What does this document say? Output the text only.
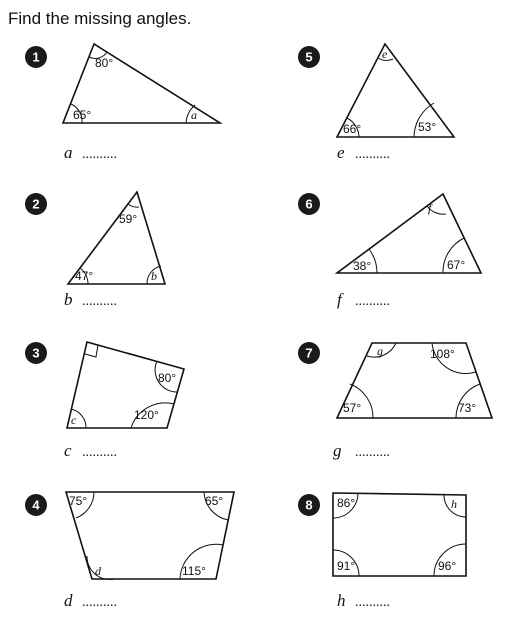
Find the missing angles.
1	80°
65°	a
a ..........
2
59°
47°	b
b ..........
3
80°
120°
c
c ..........
4 75°	65°
d	115°
d ..........
5	e
66°	53°
e ..........
6	f
38°	67°
f ..........
7	g	108°
57°	73°
g ..........
8 86°	h
91°	96°
h ..........
